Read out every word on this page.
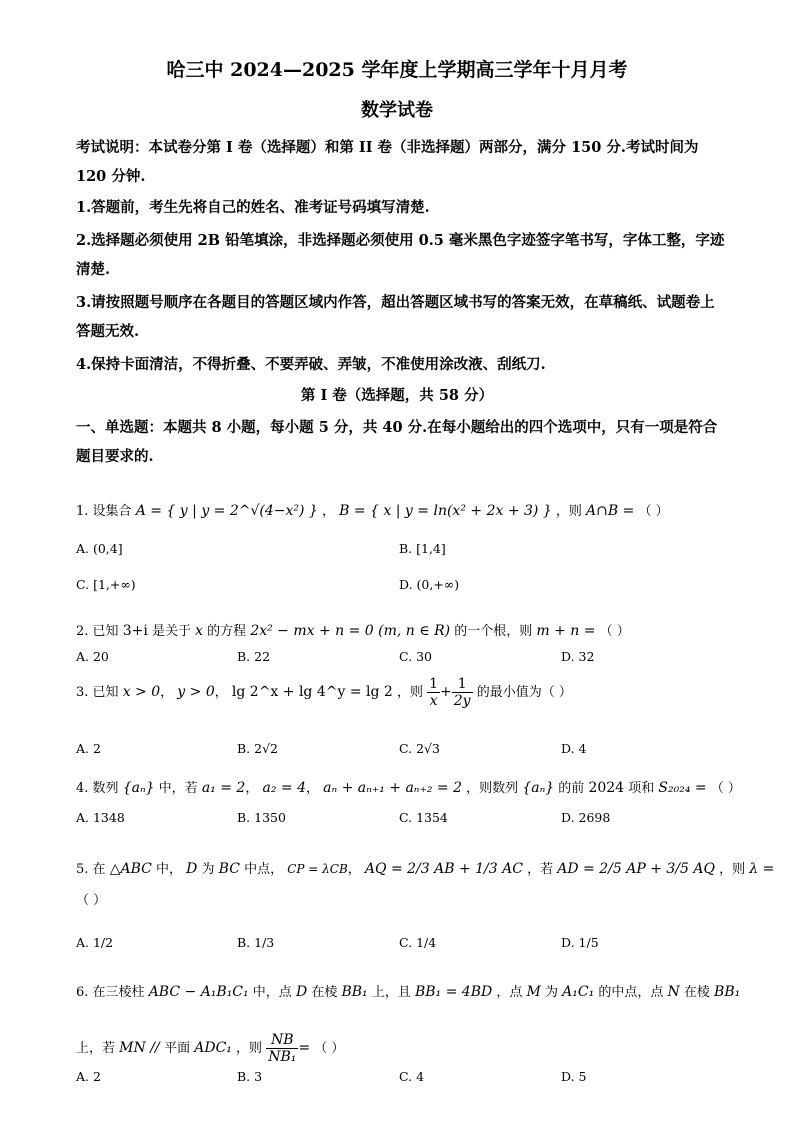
哈三中 2024—2025 学年度上学期高三学年十月月考
数学试卷
考试说明：本试卷分第 I 卷（选择题）和第 II 卷（非选择题）两部分，满分 150 分.考试时间为 120 分钟.
1.答题前，考生先将自己的姓名、准考证号码填写清楚.
2.选择题必须使用 2B 铅笔填涂，非选择题必须使用 0.5 毫米黑色字迹签字笔书写，字体工整，字迹清楚.
3.请按照题号顺序在各题目的答题区域内作答，超出答题区域书写的答案无效，在草稿纸、试题卷上答题无效.
4.保持卡面清洁，不得折叠、不要弄破、弄皱，不准使用涂改液、刮纸刀.
第 I 卷（选择题，共 58 分）
一、单选题：本题共 8 小题，每小题 5 分，共 40 分.在每小题给出的四个选项中，只有一项是符合题目要求的.
1. 设集合 A = { y | y = 2^√(4−x²) } ， B = { x | y = ln(x² + 2x + 3) } ，则 A∩B = （ ）
A. (0,4]	B. [1,4]
C. [1,+∞)	D. (0,+∞)
2. 已知 3+i 是关于 x 的方程 2x² − mx + n = 0 (m, n ∈ R) 的一个根，则 m + n = （ ）
A. 20	B. 22	C. 30	D. 32
3. 已知 x > 0， y > 0， lg 2^x + lg 4^y = lg 2 ，则 $\frac{1}{x} + \frac{1}{2y}$ 的最小值为（ ）
A. 2	B. 2√2	C. 2√3	D. 4
4. 数列 {aₙ} 中，若 a₁ = 2， a₂ = 4， aₙ + aₙ₊₁ + aₙ₊₂ = 2 ，则数列 {aₙ} 的前 2024 项和 S₂₀₂₄ = （ ）
A. 1348	B. 1350	C. 1354	D. 2698
5. 在 △ABC 中， D 为 BC 中点， CP = λCB， AQ = 2/3 AB + 1/3 AC ，若 AD = 2/5 AP + 3/5 AQ ，则 λ =
（ ）
A. 1/2	B. 1/3	C. 1/4	D. 1/5
6. 在三棱柱 ABC − A₁B₁C₁ 中，点 D 在棱 BB₁ 上，且 BB₁ = 4BD ，点 M 为 A₁C₁ 的中点，点 N 在棱 BB₁
上，若 MN // 平面 ADC₁ ，则 $\frac{NB}{\text{NB₁}}$ = （ ）
A. 2	B. 3	C. 4	D. 5
